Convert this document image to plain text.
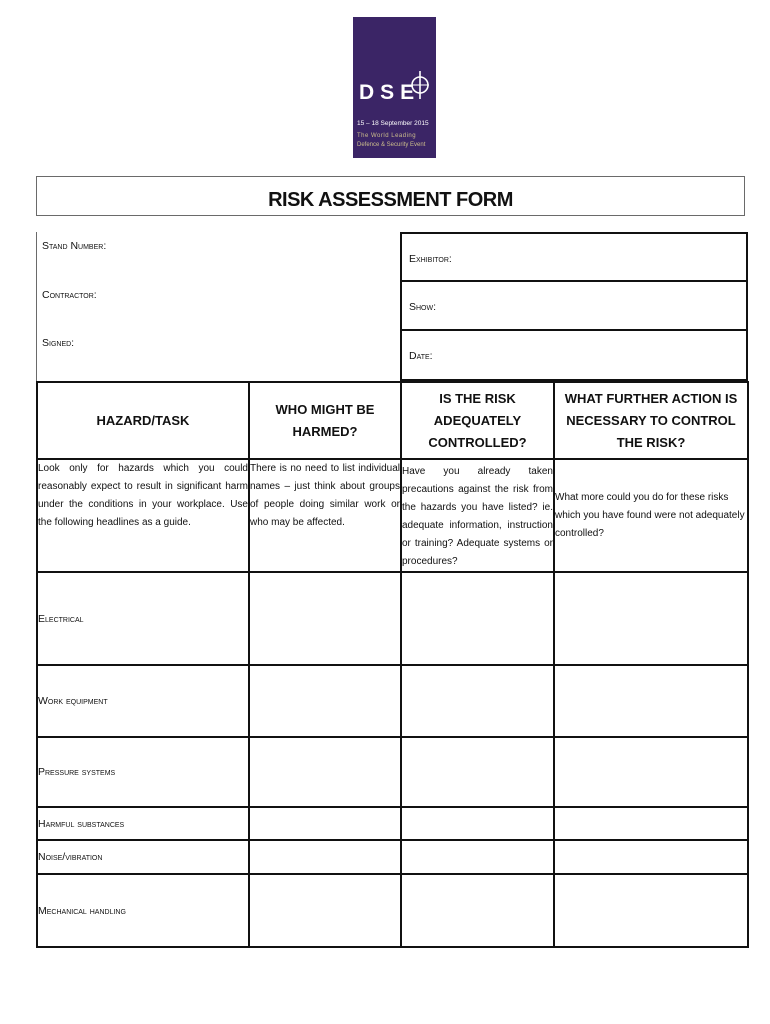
DSE
15 – 18 September 2015
The World Leading
Defence & Security Event
ExCeL London www.DSEI.co.uk
RISK ASSESSMENT FORM
Stand Number:
Contractor:
Signed:
Exhibitor:
Show:
Date:
HAZARD/TASK	WHO MIGHT BE HARMED?	IS THE RISK ADEQUATELY CONTROLLED?	WHAT FURTHER ACTION IS NECESSARY TO CONTROL THE RISK?
Look only for hazards which you could reasonably expect to result in significant harm under the conditions in your workplace. Use the following headlines as a guide.	There is no need to list individual names – just think about groups of people doing similar work or who may be affected.	Have you already taken precautions against the risk from the hazards you have listed? ie. adequate information, instruction or training? Adequate systems or procedures?	What more could you do for these risks which you have found were not adequately controlled?
Electrical			
Work equipment			
Pressure systems			
Harmful substances			
Noise/vibration			
Mechanical handling			
